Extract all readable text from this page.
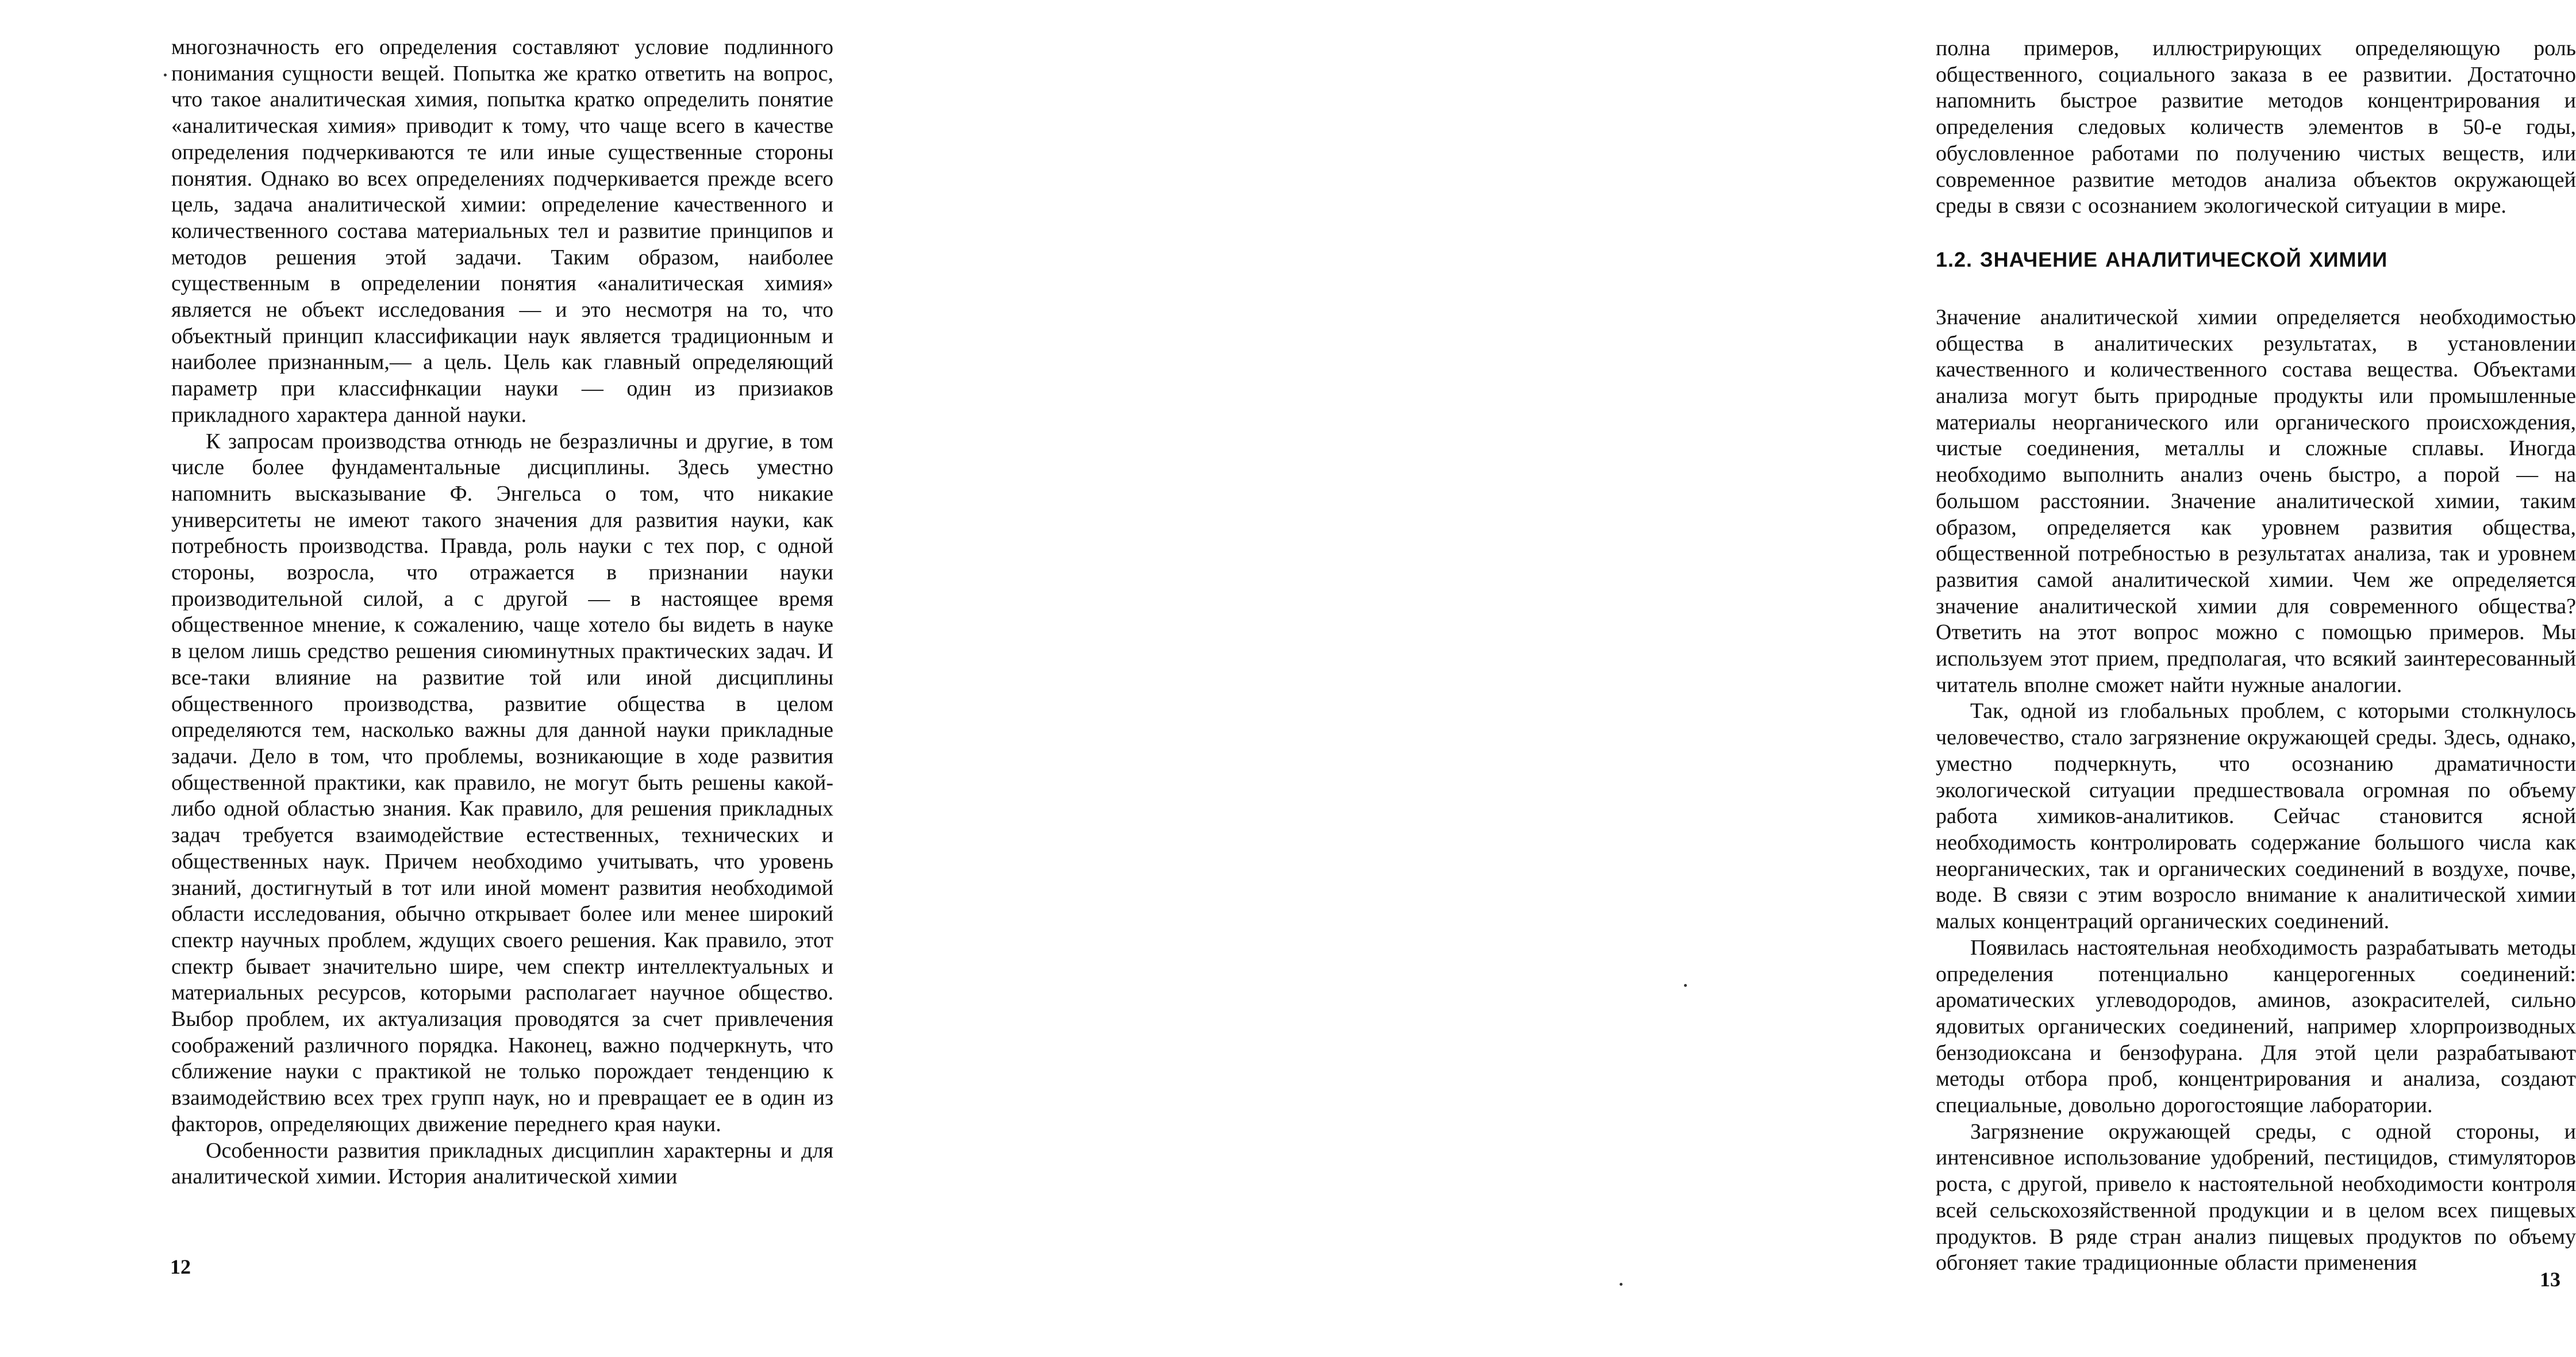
многозначность его определения составляют условие подлинного понимания сущности вещей. Попытка же кратко ответить на вопрос, что такое аналитическая химия, попытка кратко определить понятие «аналитическая химия» приводит к тому, что чаще всего в качестве определения подчеркиваются те или иные существенные стороны понятия. Однако во всех определениях подчеркивается прежде всего цель, задача аналитической химии: определение качественного и количественного состава материальных тел и развитие принципов и методов решения этой задачи. Таким образом, наиболее существенным в определении понятия «аналитическая химия» является не объект исследования — и это несмотря на то, что объектный принцип классификации наук является традиционным и наиболее признанным,— а цель. Цель как главный определяющий параметр при классифнкации науки — один из призиаков прикладного характера данной науки.

К запросам производства отнюдь не безразличны и другие, в том числе более фундаментальные дисциплины. Здесь уместно напомнить высказывание Ф. Энгельса о том, что никакие университеты не имеют такого значения для развития науки, как потребность производства. Правда, роль науки с тех пор, с одной стороны, возросла, что отражается в признании науки производительной силой, а с другой — в настоящее время общественное мнение, к сожалению, чаще хотело бы видеть в науке в целом лишь средство решения сиюминутных практических задач. И все-таки влияние на развитие той или иной дисциплины общественного производства, развитие общества в целом определяются тем, насколько важны для данной науки прикладные задачи. Дело в том, что проблемы, возникающие в ходе развития общественной практики, как правило, не могут быть решены какой-либо одной областью знания. Как правило, для решения прикладных задач требуется взаимодействие естественных, технических и общественных наук. Причем необходимо учитывать, что уровень знаний, достигнутый в тот или иной момент развития необходимой области исследования, обычно открывает более или менее широкий спектр научных проблем, ждущих своего решения. Как правило, этот спектр бывает значительно шире, чем спектр интеллектуальных и материальных ресурсов, которыми располагает научное общество. Выбор проблем, их актуализация проводятся за счет привлечения соображений различного порядка. Наконец, важно подчеркнуть, что сближение науки с практикой не только порождает тенденцию к взаимодействию всех трех групп наук, но и превращает ее в один из факторов, определяющих движение переднего края науки.

Особенности развития прикладных дисциплин характерны и для аналитической химии. История аналитической химии

12

полна примеров, иллюстрирующих определяющую роль общественного, социального заказа в ее развитии. Достаточно напомнить быстрое развитие методов концентрирования и определения следовых количеств элементов в 50-е годы, обусловленное работами по получению чистых веществ, или современное развитие методов анализа объектов окружающей среды в связи с осознанием экологической ситуации в мире.

1.2. ЗНАЧЕНИЕ АНАЛИТИЧЕСКОЙ ХИМИИ

Значение аналитической химии определяется необходимостью общества в аналитических результатах, в установлении качественного и количественного состава вещества. Объектами анализа могут быть природные продукты или промышленные материалы неорганического или органического происхождения, чистые соединения, металлы и сложные сплавы. Иногда необходимо выполнить анализ очень быстро, а порой — на большом расстоянии. Значение аналитической химии, таким образом, определяется как уровнем развития общества, общественной потребностью в результатах анализа, так и уровнем развития самой аналитической химии. Чем же определяется значение аналитической химии для современного общества? Ответить на этот вопрос можно с помощью примеров. Мы используем этот прием, предполагая, что всякий заинтересованный читатель вполне сможет найти нужные аналогии.

Так, одной из глобальных проблем, с которыми столкнулось человечество, стало загрязнение окружающей среды. Здесь, однако, уместно подчеркнуть, что осознанию драматичности экологической ситуации предшествовала огромная по объему работа химиков-аналитиков. Сейчас становится ясной необходимость контролировать содержание большого числа как неорганических, так и органических соединений в воздухе, почве, воде. В связи с этим возросло внимание к аналитической химии малых концентраций органических соединений.

Появилась настоятельная необходимость разрабатывать методы определения потенциально канцерогенных соединений: ароматических углеводородов, аминов, азокрасителей, сильно ядовитых органических соединений, например хлорпроизводных бензодиоксана и бензофурана. Для этой цели разрабатывают методы отбора проб, концентрирования и анализа, создают специальные, довольно дорогостоящие лаборатории.

Загрязнение окружающей среды, с одной стороны, и интенсивное использование удобрений, пестицидов, стимуляторов роста, с другой, привело к настоятельной необходимости контроля всей сельскохозяйственной продукции и в целом всех пищевых продуктов. В ряде стран анализ пищевых продуктов по объему обгоняет такие традиционные области применения

13
